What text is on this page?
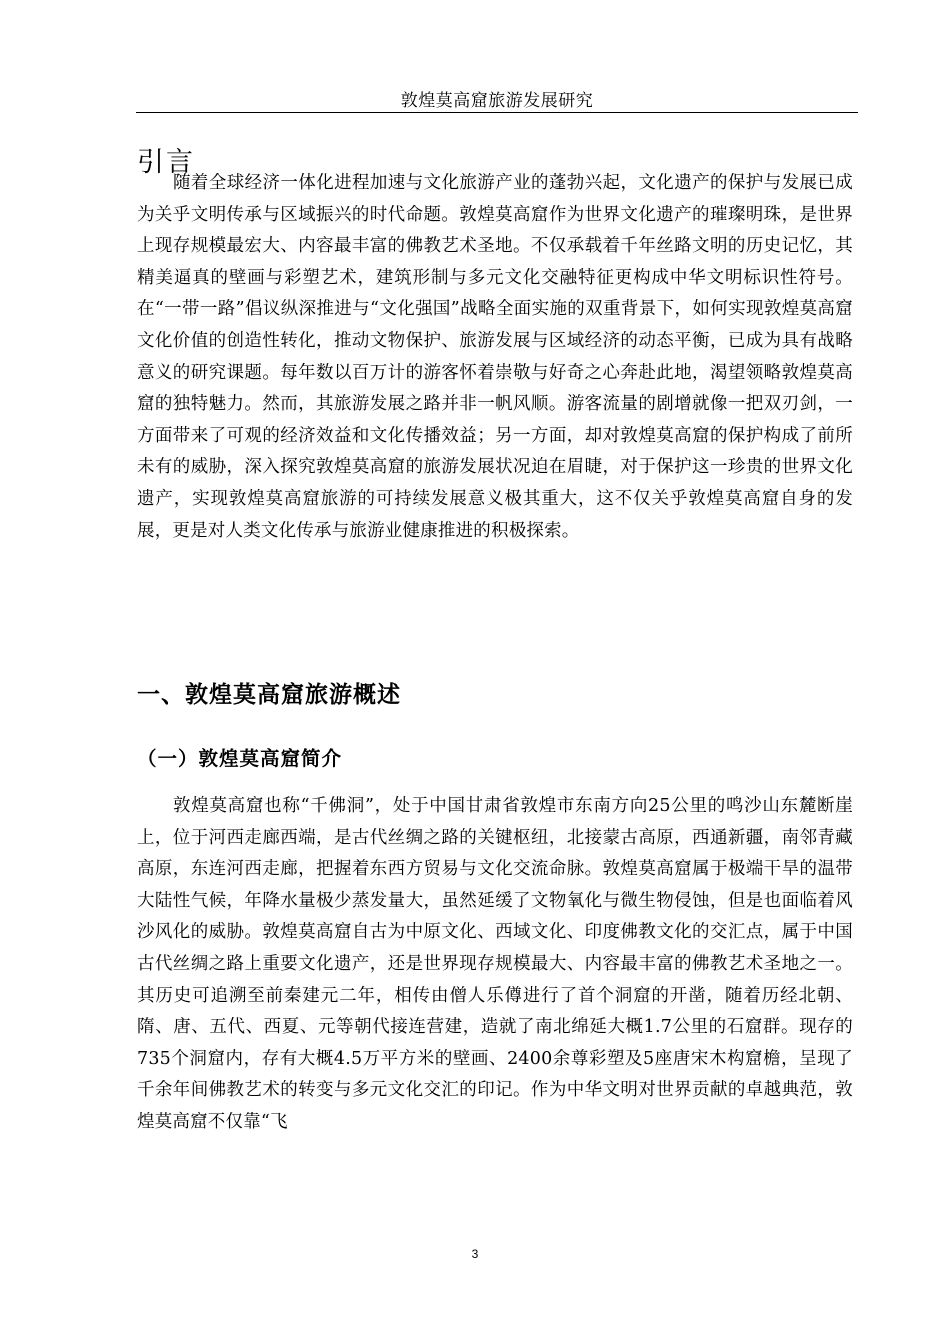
敦煌莫高窟旅游发展研究
引言

随着全球经济一体化进程加速与文化旅游产业的蓬勃兴起，文化遗产的保护与发展已成为关乎文明传承与区域振兴的时代命题。敦煌莫高窟作为世界文化遗产的璀璨明珠，是世界上现存规模最宏大、内容最丰富的佛教艺术圣地。不仅承载着千年丝路文明的历史记忆，其精美逼真的壁画与彩塑艺术，建筑形制与多元文化交融特征更构成中华文明标识性符号。在“一带一路”倡议纵深推进与“文化强国”战略全面实施的双重背景下，如何实现敦煌莫高窟文化价值的创造性转化，推动文物保护、旅游发展与区域经济的动态平衡，已成为具有战略意义的研究课题。每年数以百万计的游客怀着崇敬与好奇之心奔赴此地，渴望领略敦煌莫高窟的独特魅力。然而，其旅游发展之路并非一帆风顺。游客流量的剧增就像一把双刃剑，一方面带来了可观的经济效益和文化传播效益；另一方面，却对敦煌莫高窟的保护构成了前所未有的威胁，深入探究敦煌莫高窟的旅游发展状况迫在眉睫，对于保护这一珍贵的世界文化遗产，实现敦煌莫高窟旅游的可持续发展意义极其重大，这不仅关乎敦煌莫高窟自身的发展，更是对人类文化传承与旅游业健康推进的积极探索。

一、敦煌莫高窟旅游概述
（一）敦煌莫高窟简介

敦煌莫高窟也称“千佛洞”，处于中国甘肃省敦煌市东南方向25公里的鸣沙山东麓断崖上，位于河西走廊西端，是古代丝绸之路的关键枢纽，北接蒙古高原，西通新疆，南邻青藏高原，东连河西走廊，把握着东西方贸易与文化交流命脉。敦煌莫高窟属于极端干旱的温带大陆性气候，年降水量极少蒸发量大，虽然延缓了文物氧化与微生物侵蚀，但是也面临着风沙风化的威胁。敦煌莫高窟自古为中原文化、西域文化、印度佛教文化的交汇点，属于中国古代丝绸之路上重要文化遗产，还是世界现存规模最大、内容最丰富的佛教艺术圣地之一。其历史可追溯至前秦建元二年，相传由僧人乐僔进行了首个洞窟的开凿，随着历经北朝、隋、唐、五代、西夏、元等朝代接连营建，造就了南北绵延大概1.7公里的石窟群。现存的735个洞窟内，存有大概4.5万平方米的壁画、2400余尊彩塑及5座唐宋木构窟檐，呈现了千余年间佛教艺术的转变与多元文化交汇的印记。作为中华文明对世界贡献的卓越典范，敦煌莫高窟不仅靠“飞

3
